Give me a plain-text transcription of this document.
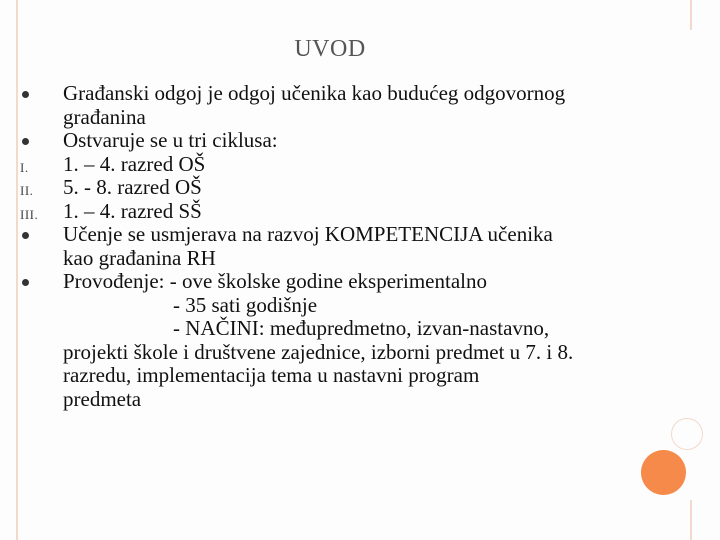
UVOD
Građanski odgoj je odgoj učenika kao budućeg odgovornog
građanina
Ostvaruje se u tri ciklusa:
I. 1. – 4. razred OŠ
II. 5. - 8. razred OŠ
III. 1. – 4. razred SŠ
Učenje se usmjerava na razvoj KOMPETENCIJA učenika
kao građanina RH
Provođenje: - ove školske godine eksperimentalno
- 35 sati godišnje
- NAČINI: međupredmetno, izvan-nastavno,
projekti škole i društvene zajednice, izborni predmet u 7. i 8.
razredu, implementacija tema u nastavni program
predmeta
